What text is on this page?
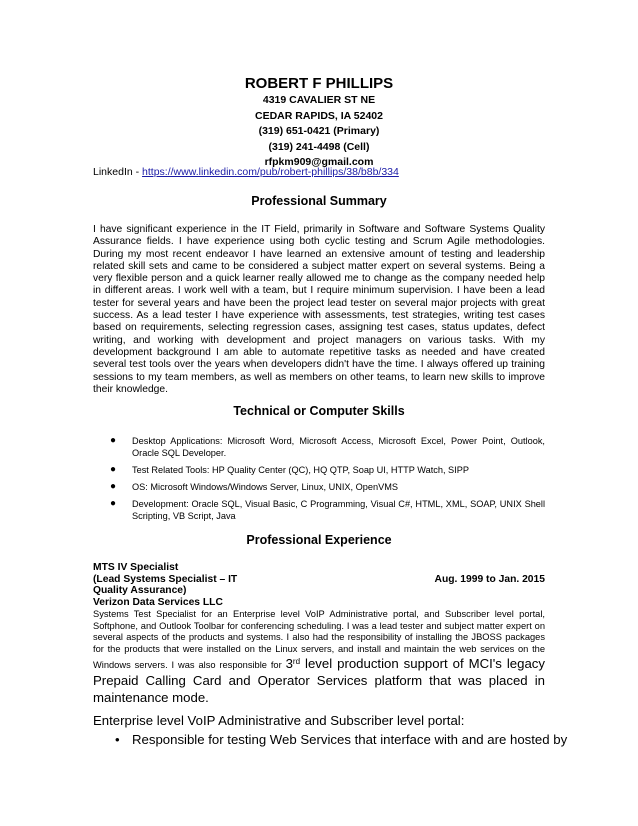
ROBERT F PHILLIPS
4319 CAVALIER ST NE
CEDAR RAPIDS, IA 52402
(319) 651-0421 (Primary)
(319) 241-4498 (Cell)
rfpkm909@gmail.com
LinkedIn - https://www.linkedin.com/pub/robert-phillips/38/b8b/334
Professional Summary
I have significant experience in the IT Field, primarily in Software and Software Systems Quality Assurance fields. I have experience using both cyclic testing and Scrum Agile methodologies. During my most recent endeavor I have learned an extensive amount of testing and leadership related skill sets and came to be considered a subject matter expert on several systems. Being a very flexible person and a quick learner really allowed me to change as the company needed help in different areas. I work well with a team, but I require minimum supervision. I have been a lead tester for several years and have been the project lead tester on several major projects with great success. As a lead tester I have experience with assessments, test strategies, writing test cases based on requirements, selecting regression cases, assigning test cases, status updates, defect writing, and working with development and project managers on various tasks. With my development background I am able to automate repetitive tasks as needed and have created several test tools over the years when developers didn't have the time. I always offered up training sessions to my team members, as well as members on other teams, to learn new skills to improve their knowledge.
Technical or Computer Skills
● Desktop Applications: Microsoft Word, Microsoft Access, Microsoft Excel, Power Point, Outlook, Oracle SQL Developer.
● Test Related Tools: HP Quality Center (QC), HQ QTP, Soap UI, HTTP Watch, SIPP
● OS: Microsoft Windows/Windows Server, Linux, UNIX, OpenVMS
● Development: Oracle SQL, Visual Basic, C Programming, Visual C#, HTML, XML, SOAP, UNIX Shell Scripting, VB Script, Java
Professional Experience
MTS IV Specialist
(Lead Systems Specialist – IT	Aug. 1999 to Jan. 2015
Quality Assurance)
Verizon Data Services LLC
Systems Test Specialist for an Enterprise level VoIP Administrative portal, and Subscriber level portal, Softphone, and Outlook Toolbar for conferencing scheduling. I was a lead tester and subject matter expert on several aspects of the products and systems. I also had the responsibility of installing the JBOSS packages for the products that were installed on the Linux servers, and install and maintain the web services on the Windows servers. I was also responsible for 3rd level production support of MCI's legacy Prepaid Calling Card and Operator Services platform that was placed in maintenance mode.
Enterprise level VoIP Administrative and Subscriber level portal:
• Responsible for testing Web Services that interface with and are hosted by
